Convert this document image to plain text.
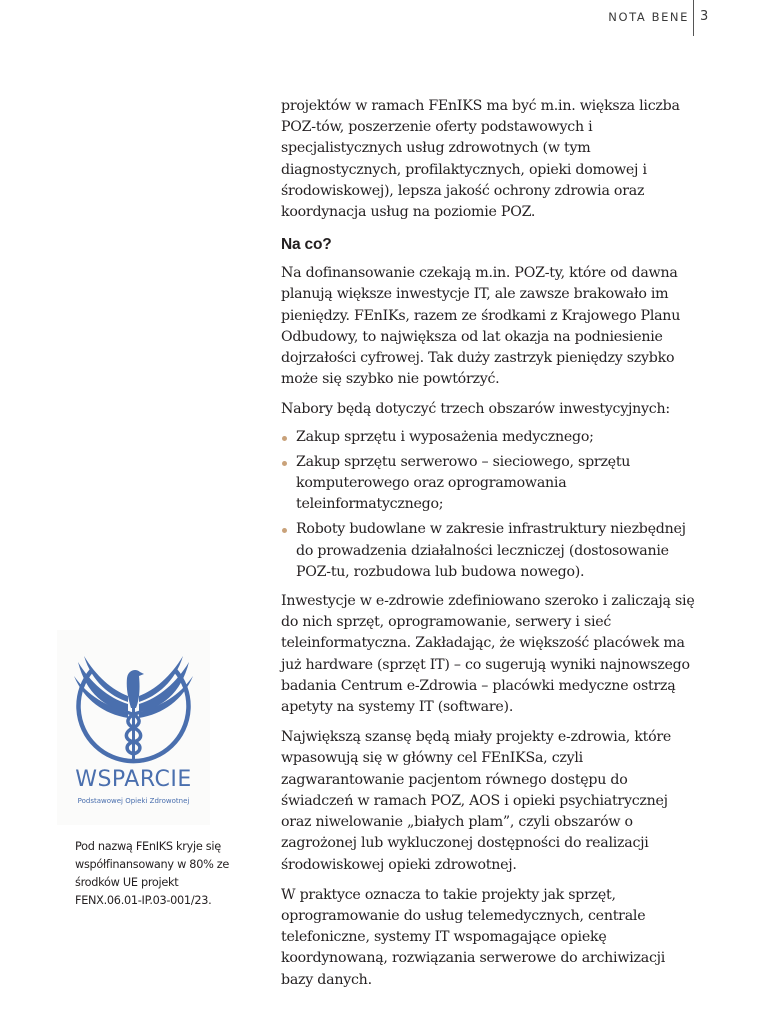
NOTA BENE 3

projektów w ramach FEnIKS ma być m.in. większa liczba POZ-tów, poszerzenie oferty podstawowych i specjalistycznych usług zdrowotnych (w tym diagnostycznych, profilaktycznych, opieki domowej i środowiskowej), lepsza jakość ochrony zdrowia oraz koordynacja usług na poziomie POZ.

Na co?

Na dofinansowanie czekają m.in. POZ-ty, które od dawna planują większe inwestycje IT, ale zawsze brakowało im pieniędzy. FEnIKs, razem ze środkami z Krajowego Planu Odbudowy, to największa od lat okazja na podniesienie dojrzałości cyfrowej. Tak duży zastrzyk pieniędzy szybko może się szybko nie powtórzyć.

Nabory będą dotyczyć trzech obszarów inwestycyjnych:

Zakup sprzętu i wyposażenia medycznego;
Zakup sprzętu serwerowo – sieciowego, sprzętu komputerowego oraz oprogramowania teleinformatycznego;
Roboty budowlane w zakresie infrastruktury niezbędnej do prowadzenia działalności leczniczej (dostosowanie POZ-tu, rozbudowa lub budowa nowego).

Inwestycje w e-zdrowie zdefiniowano szeroko i zaliczają się do nich sprzęt, oprogramowanie, serwery i sieć teleinformatyczna. Zakładając, że większość placówek ma już hardware (sprzęt IT) – co sugerują wyniki najnowszego badania Centrum e-Zdrowia – placówki medyczne ostrzą apetyty na systemy IT (software).

Największą szansę będą miały projekty e-zdrowia, które wpasowują się w główny cel FEnIKSa, czyli zagwarantowanie pacjentom równego dostępu do świadczeń w ramach POZ, AOS i opieki psychiatrycznej oraz niwelowanie „białych plam”, czyli obszarów o zagrożonej lub wykluczonej dostępności do realizacji środowiskowej opieki zdrowotnej.

W praktyce oznacza to takie projekty jak sprzęt, oprogramowanie do usług telemedycznych, centrale telefoniczne, systemy IT wspomagające opiekę koordynowaną, rozwiązania serwerowe do archiwizacji bazy danych.

WSPARCIE
Podstawowej Opieki Zdrowotnej
Pod nazwą FEnIKS kryje się współfinansowany w 80% ze środków UE projekt FENX.06.01-IP.03-001/23.
